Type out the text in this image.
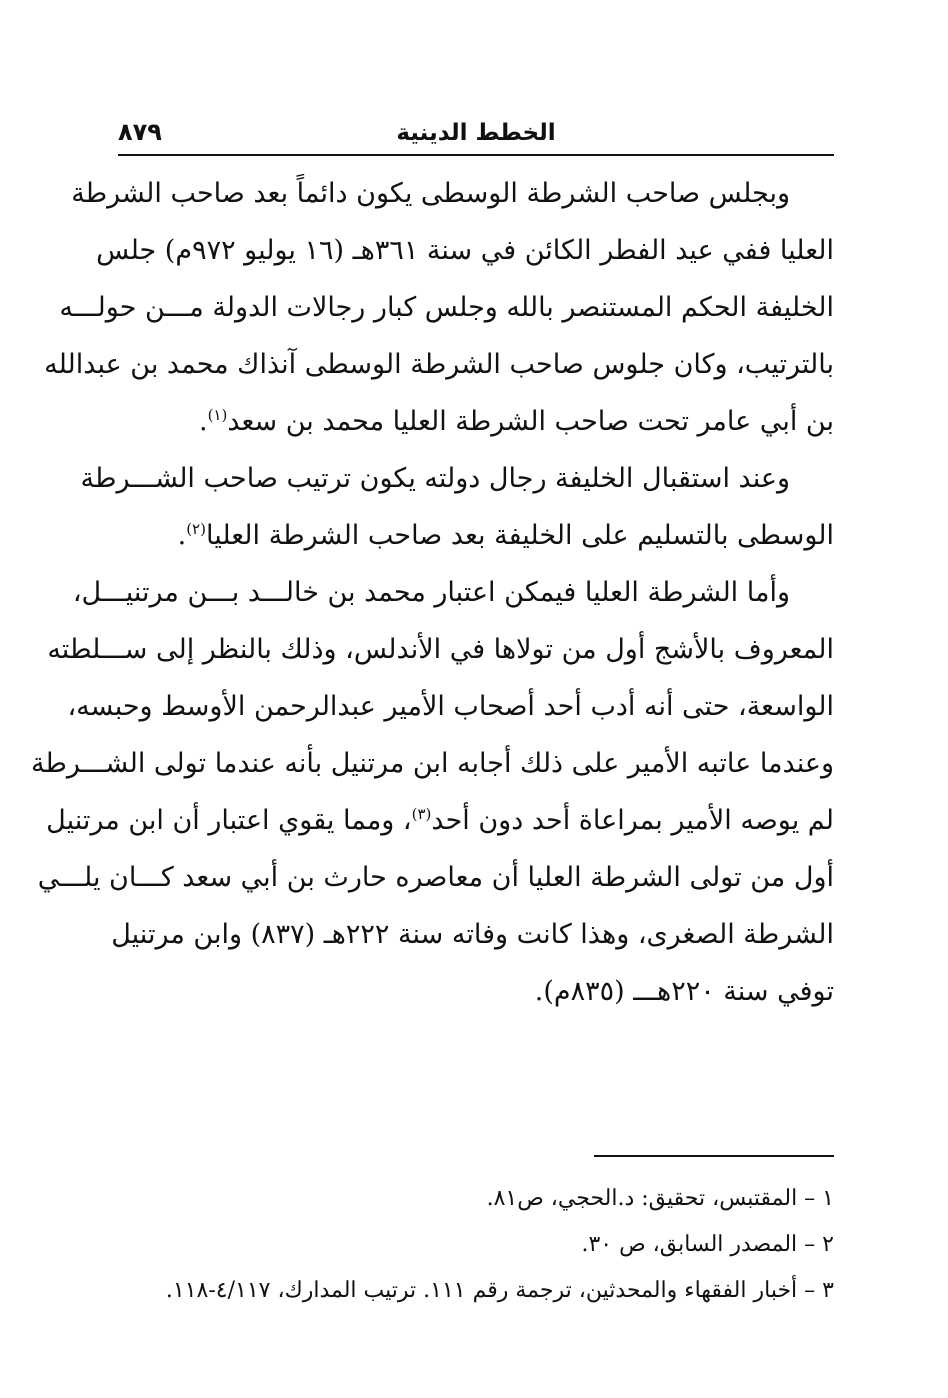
الخطط الدينية
٨٧٩
وبجلس صاحب الشرطة الوسطى يكون دائماً بعد صاحب الشرطة
العليا ففي عيد الفطر الكائن في سنة ٣٦١هـ (١٦ يوليو ٩٧٢م) جلس
الخليفة الحكم المستنصر بالله وجلس كبار رجالات الدولة مـــن حولـــه
بالترتيب، وكان جلوس صاحب الشرطة الوسطى آنذاك محمد بن عبدالله
بن أبي عامر تحت صاحب الشرطة العليا محمد بن سعد$^{(١)}$.
وعند استقبال الخليفة رجال دولته يكون ترتيب صاحب الشـــرطة
الوسطى بالتسليم على الخليفة بعد صاحب الشرطة العليا$^{(٢)}$.
وأما الشرطة العليا فيمكن اعتبار محمد بن خالـــد بـــن مرتنيـــل،
المعروف بالأشج أول من تولاها في الأندلس، وذلك بالنظر إلى ســـلطته
الواسعة، حتى أنه أدب أحد أصحاب الأمير عبدالرحمن الأوسط وحبسه،
وعندما عاتبه الأمير على ذلك أجابه ابن مرتنيل بأنه عندما تولى الشـــرطة
لم يوصه الأمير بمراعاة أحد دون أحد$^{(٣)}$، ومما يقوي اعتبار أن ابن مرتنيل
أول من تولى الشرطة العليا أن معاصره حارث بن أبي سعد كـــان يلـــي
الشرطة الصغرى، وهذا كانت وفاته سنة ٢٢٢هـ (٨٣٧) وابن مرتنيل
توفي سنة ٢٢٠هـــ (٨٣٥م).
١ – المقتبس، تحقيق: د.الحجي، ص٨١.
٢ – المصدر السابق، ص ٣٠.
٣ – أخبار الفقهاء والمحدثين، ترجمة رقم ١١١. ترتيب المدارك، ٤/١١٧-١١٨.
